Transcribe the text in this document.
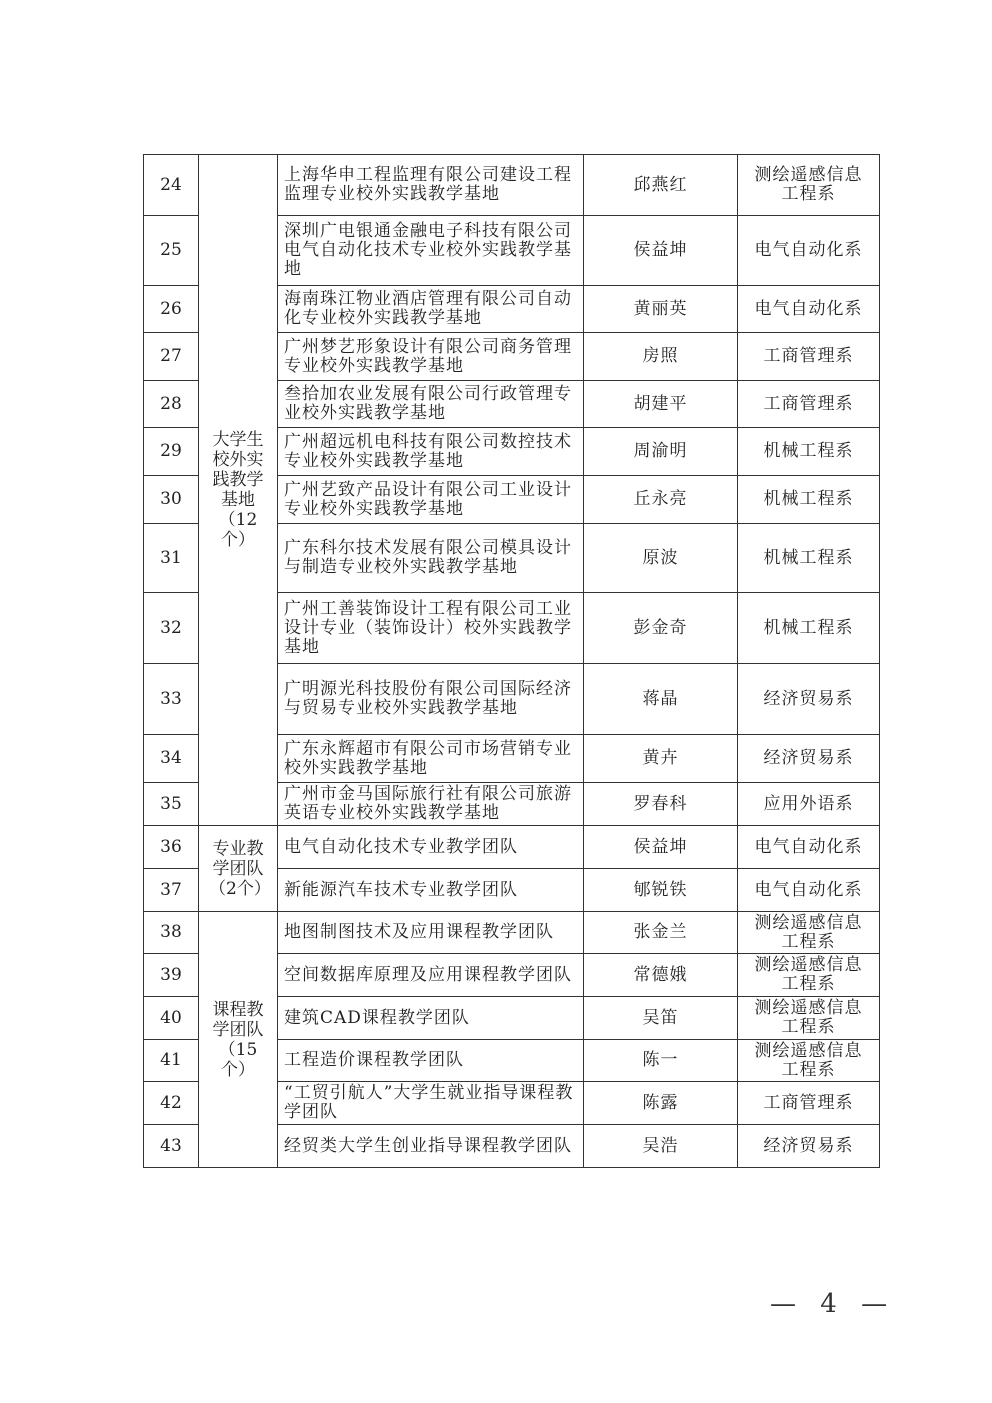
24	大学生校外实践教学基地（12个）	上海华申工程监理有限公司建设工程监理专业校外实践教学基地	邱燕红	测绘遥感信息工程系
25		深圳广电银通金融电子科技有限公司电气自动化技术专业校外实践教学基地	侯益坤	电气自动化系
26		海南珠江物业酒店管理有限公司自动化专业校外实践教学基地	黄丽英	电气自动化系
27		广州梦艺形象设计有限公司商务管理专业校外实践教学基地	房照	工商管理系
28		叁拾加农业发展有限公司行政管理专业校外实践教学基地	胡建平	工商管理系
29		广州超远机电科技有限公司数控技术专业校外实践教学基地	周渝明	机械工程系
30		广州艺致产品设计有限公司工业设计专业校外实践教学基地	丘永亮	机械工程系
31		广东科尔技术发展有限公司模具设计与制造专业校外实践教学基地	原波	机械工程系
32		广州工善装饰设计工程有限公司工业设计专业（装饰设计）校外实践教学基地	彭金奇	机械工程系
33		广明源光科技股份有限公司国际经济与贸易专业校外实践教学基地	蒋晶	经济贸易系
34		广东永辉超市有限公司市场营销专业校外实践教学基地	黄卉	经济贸易系
35		广州市金马国际旅行社有限公司旅游英语专业校外实践教学基地	罗春科	应用外语系
36	专业教学团队（2个）	电气自动化技术专业教学团队	侯益坤	电气自动化系
37		新能源汽车技术专业教学团队	郇锐铁	电气自动化系
38	课程教学团队（15个）	地图制图技术及应用课程教学团队	张金兰	测绘遥感信息工程系
39		空间数据库原理及应用课程教学团队	常德娥	测绘遥感信息工程系
40		建筑CAD课程教学团队	吴笛	测绘遥感信息工程系
41		工程造价课程教学团队	陈一	测绘遥感信息工程系
42		“工贸引航人”大学生就业指导课程教学团队	陈露	工商管理系
43		经贸类大学生创业指导课程教学团队	吴浩	经济贸易系
— 4 —
